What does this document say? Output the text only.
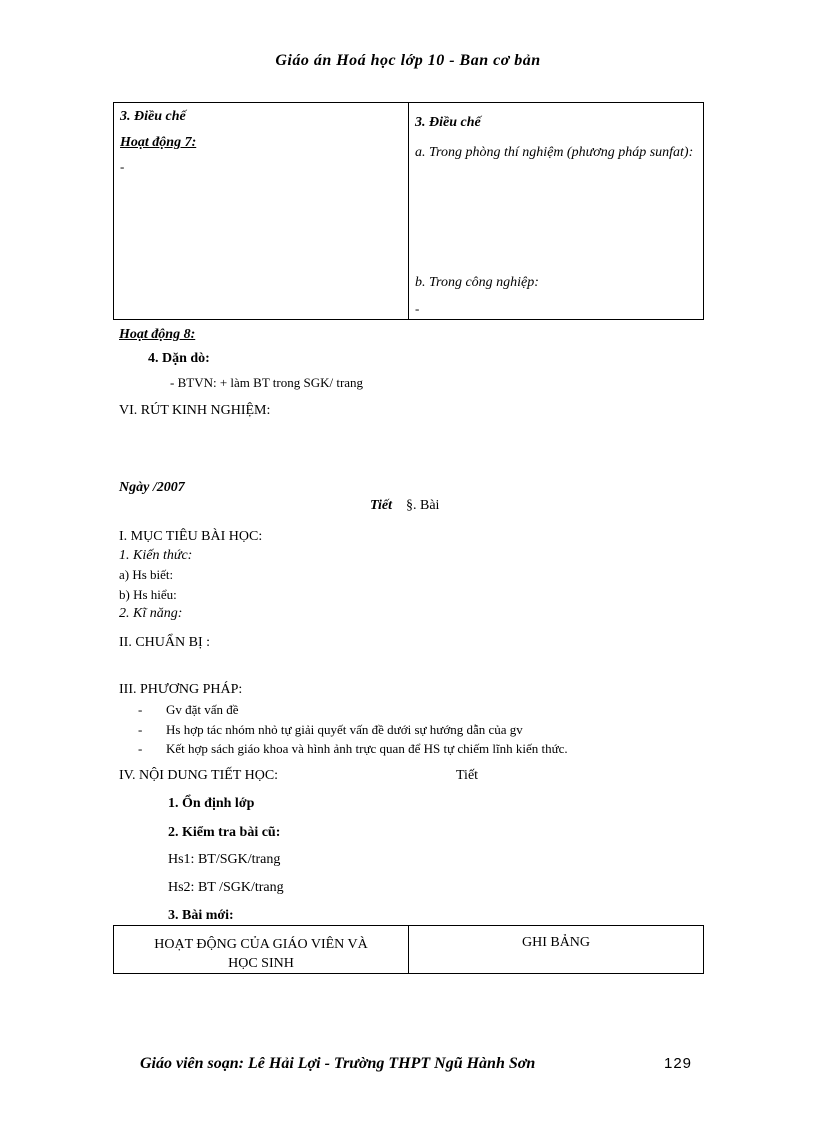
Giáo án Hoá học lớp 10 - Ban cơ bản
3. Điều chế
Hoạt động 7:
-
3. Điều chế
a. Trong phòng thí nghiệm (phương pháp sunfat):
b. Trong công nghiệp:
-
Hoạt động 8:
4. Dặn dò:
- BTVN: + làm BT trong SGK/ trang
VI. RÚT KINH NGHIỆM:
Ngày /2007
Tiết §. Bài
I. MỤC TIÊU BÀI HỌC:
1. Kiến thức:
a) Hs biết:
b) Hs hiểu:
2. Kĩ năng:
II. CHUẨN BỊ :
III. PHƯƠNG PHÁP:
- Gv đặt vấn đề
- Hs hợp tác nhóm nhỏ tự giải quyết vấn đề dưới sự hướng dẫn của gv
- Kết hợp sách giáo khoa và hình ảnh trực quan để HS tự chiếm lĩnh kiến thức.
IV. NỘI DUNG TIẾT HỌC:	Tiết
1. Ổn định lớp
2. Kiểm tra bài cũ:
Hs1: BT/SGK/trang
Hs2: BT /SGK/trang
3. Bài mới:
HOẠT ĐỘNG CỦA GIÁO VIÊN VÀ
HỌC SINH
GHI BẢNG
Giáo viên soạn: Lê Hải Lợi - Trường THPT Ngũ Hành Sơn	129
